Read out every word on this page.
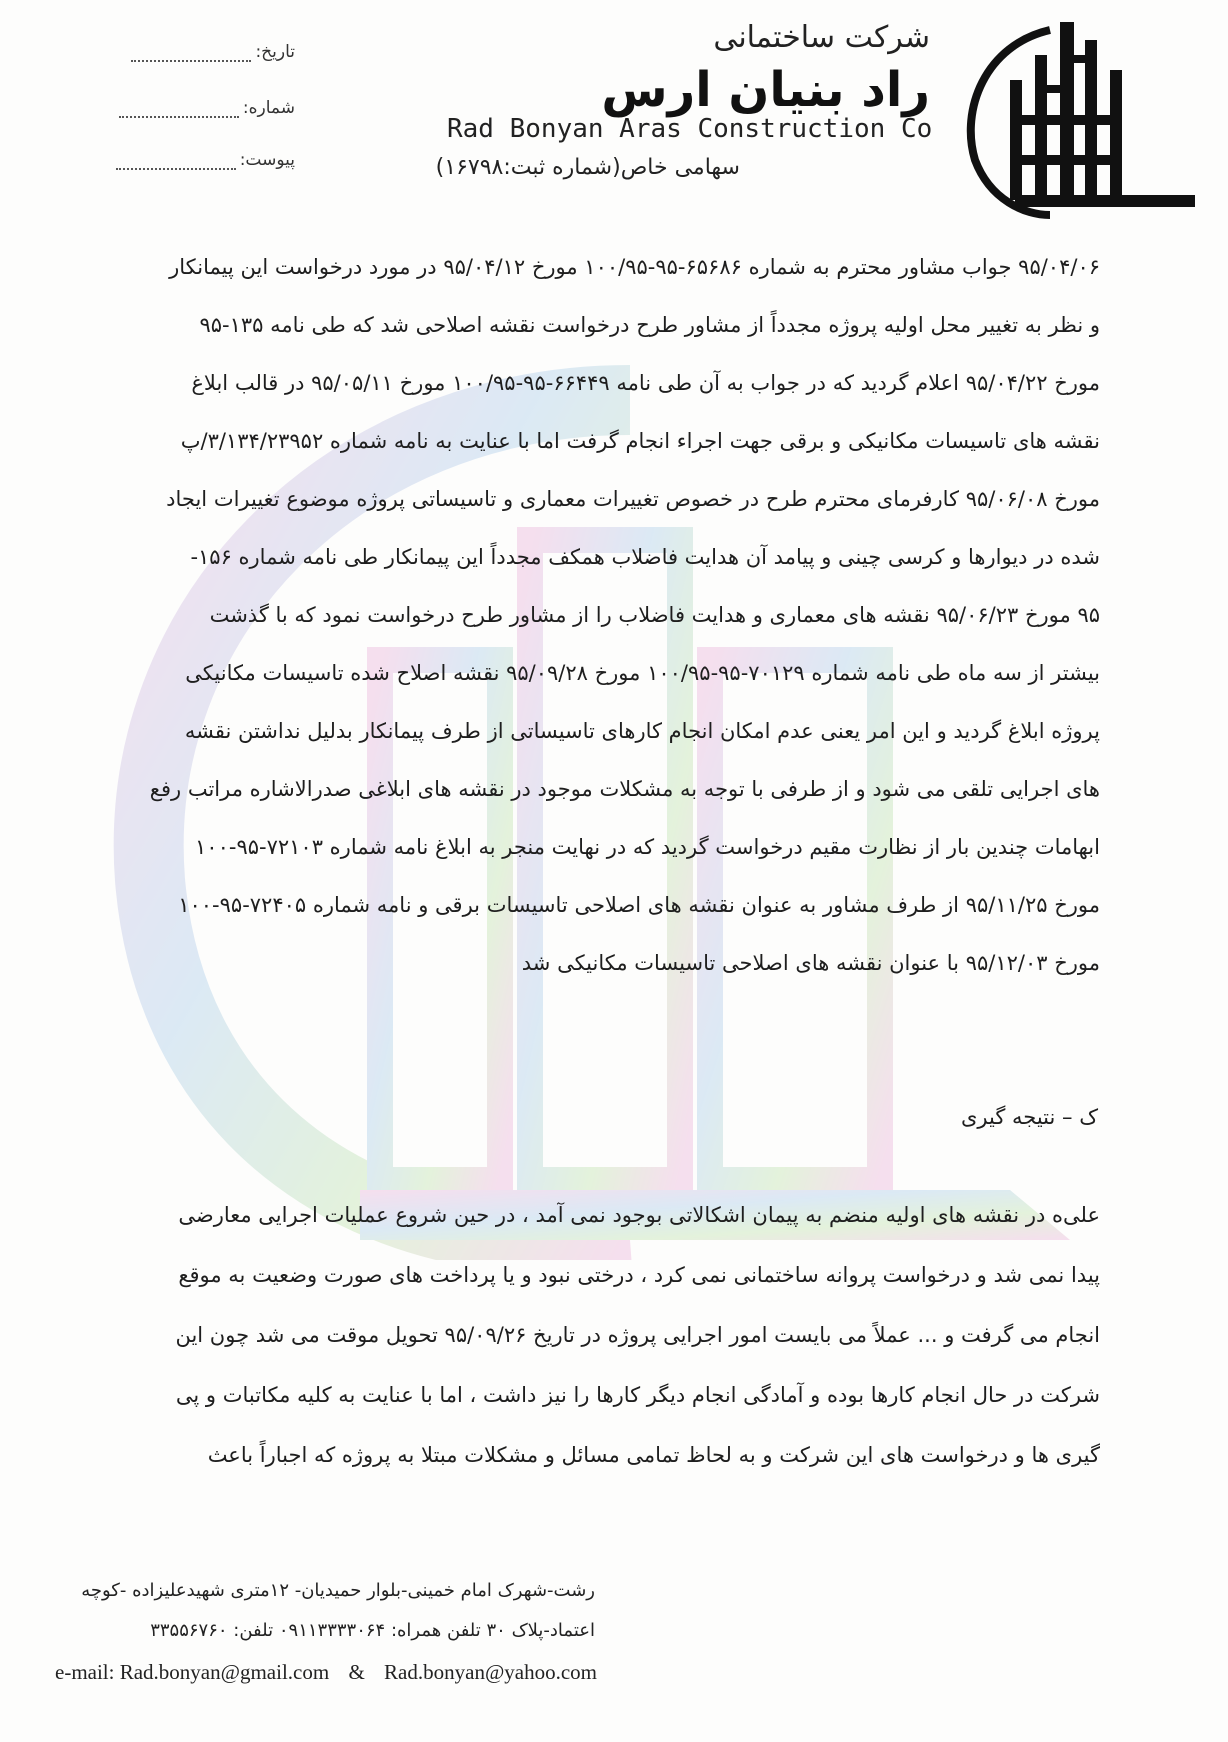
شرکت ساختمانی
راد بنیان ارس
Rad Bonyan Aras Construction Co
سهامی خاص(شماره ثبت:۱۶۷۹۸)
تاریخ:
شماره:
پیوست:
۹۵/۰۴/۰۶ جواب مشاور محترم به شماره ۶۵۶۸۶-۹۵-۱۰۰/۹۵ مورخ ۹۵/۰۴/۱۲ در مورد درخواست این پیمانکار
و نظر به تغییر محل اولیه پروژه مجدداً از مشاور طرح درخواست نقشه اصلاحی شد که طی نامه ۱۳۵-۹۵
مورخ ۹۵/۰۴/۲۲ اعلام گردید که در جواب به آن طی نامه ۶۶۴۴۹-۹۵-۱۰۰/۹۵ مورخ ۹۵/۰۵/۱۱ در قالب ابلاغ
نقشه های تاسیسات مکانیکی و برقی جهت اجراء انجام گرفت اما با عنایت به نامه شماره ۳/۱۳۴/۲۳۹۵۲/پ
مورخ ۹۵/۰۶/۰۸ کارفرمای محترم طرح در خصوص تغییرات معماری و تاسیساتی پروژه موضوع تغییرات ایجاد
شده در دیوارها و کرسی چینی و پیامد آن هدایت فاضلاب همکف مجدداً این پیمانکار طی نامه شماره ۱۵۶-
۹۵ مورخ ۹۵/۰۶/۲۳ نقشه های معماری و هدایت فاضلاب را از مشاور طرح درخواست نمود که با گذشت
بیشتر از سه ماه طی نامه شماره ۷۰۱۲۹-۹۵-۱۰۰/۹۵ مورخ ۹۵/۰۹/۲۸ نقشه اصلاح شده تاسیسات مکانیکی
پروژه ابلاغ گردید و این امر یعنی عدم امکان انجام کارهای تاسیساتی از طرف پیمانکار بدلیل نداشتن نقشه
های اجرایی تلقی می شود و از طرفی با توجه به مشکلات موجود در نقشه های ابلاغی صدرالاشاره مراتب رفع
ابهامات چندین بار از نظارت مقیم درخواست گردید که در نهایت منجر به ابلاغ نامه شماره ۷۲۱۰۳-۹۵-۱۰۰
مورخ ۹۵/۱۱/۲۵ از طرف مشاور به عنوان نقشه های اصلاحی تاسیسات برقی و نامه شماره ۷۲۴۰۵-۹۵-۱۰۰
مورخ ۹۵/۱۲/۰۳ با عنوان نقشه های اصلاحی تاسیسات مکانیکی شد
ک – نتیجه گیری
علی‌ه در نقشه های اولیه منضم به پیمان اشکالاتی بوجود نمی آمد ، در حین شروع عملیات اجرایی معارضی
پیدا نمی شد و درخواست پروانه ساختمانی نمی کرد ، درختی نبود و یا پرداخت های صورت وضعیت به موقع
انجام می گرفت و ... عملاً می بایست امور اجرایی پروژه در تاریخ ۹۵/۰۹/۲۶ تحویل موقت می شد چون این
شرکت در حال انجام کارها بوده و آمادگی انجام دیگر کارها را نیز داشت ، اما با عنایت به کلیه مکاتبات و پی
گیری ها و درخواست های این شرکت و به لحاظ تمامی مسائل و مشکلات مبتلا به پروژه که اجباراً باعث
رشت-شهرک امام خمینی-بلوار حمیدیان- ۱۲متری شهیدعلیزاده -کوچه
اعتماد-پلاک ۳۰ تلفن همراه: ۰۹۱۱۳۳۳۳۰۶۴ تلفن: ۳۳۵۵۶۷۶۰
e-mail: Rad.bonyan@gmail.com & Rad.bonyan@yahoo.com
